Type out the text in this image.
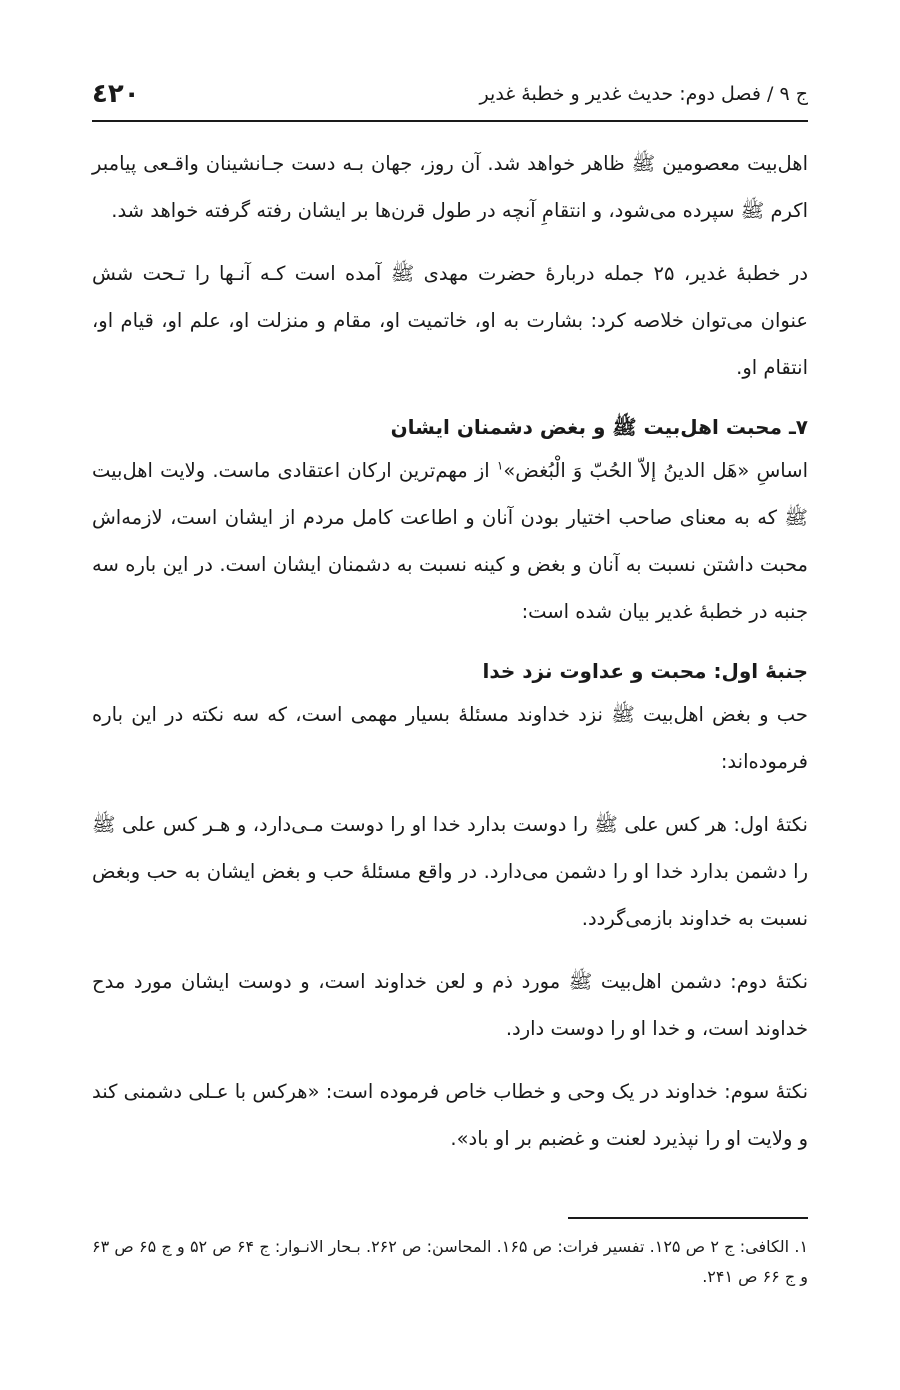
ج ۹ / فصل دوم: حدیث غدیر و خطبهٔ غدیر
٤٢٠

اهل‌بیت معصومین ﷺ ظاهر خواهد شد. آن روز، جهان بـه دست جـانشینان واقـعی پیامبر اکرم ﷺ سپرده می‌شود، و انتقامِ آنچه در طول قرن‌ها بر ایشان رفته گرفته خواهد شد.

در خطبهٔ غدیر، ۲۵ جمله دربارهٔ حضرت مهدی ﷺ آمده است کـه آنـها را تـحت شش عنوان می‌توان خلاصه کرد: بشارت به او، خاتمیت او، مقام و منزلت او، علم او، قیام او، انتقام او.

۷ـ محبت اهل‌بیت ﷺ و بغض دشمنان ایشان

اساسِ «هَل الدينُ إلاّ الحُبّ وَ الْبُغض»$^۱$ از مهم‌ترین ارکان اعتقادی ماست. ولایت اهل‌بیت ﷺ که به معنای صاحب اختیار بودن آنان و اطاعت کامل مردم از ایشان است، لازمه‌اش محبت داشتن نسبت به آنان و بغض و کینه نسبت به دشمنان ایشان است. در این باره سه جنبه در خطبهٔ غدیر بیان شده است:

جنبهٔ اول: محبت و عداوت نزد خدا

حب و بغض اهل‌بیت ﷺ نزد خداوند مسئلهٔ بسیار مهمی است، که سه نکته در این باره فرموده‌اند:

نکتهٔ اول: هر کس علی ﷺ را دوست بدارد خدا او را دوست مـی‌دارد، و هـر کس علی ﷺ را دشمن بدارد خدا او را دشمن می‌دارد. در واقع مسئلهٔ حب و بغض ایشان به حب وبغض نسبت به خداوند بازمی‌گردد.

نکتهٔ دوم: دشمن اهل‌بیت ﷺ مورد ذم و لعن خداوند است، و دوست ایشان مورد مدح خداوند است، و خدا او را دوست دارد.

نکتهٔ سوم: خداوند در یک وحی و خطاب خاص فرموده است: «هرکس با عـلی دشمنی کند و ولایت او را نپذیرد لعنت و غضبم بر او باد».

۱. الکافی: ج ۲ ص ۱۲۵. تفسیر فرات: ص ۱۶۵. المحاسن: ص ۲۶۲. بـحار الانـوار: ج ۶۴ ص ۵۲ و ج ۶۵ ص ۶۳ و ج ۶۶ ص ۲۴۱.
